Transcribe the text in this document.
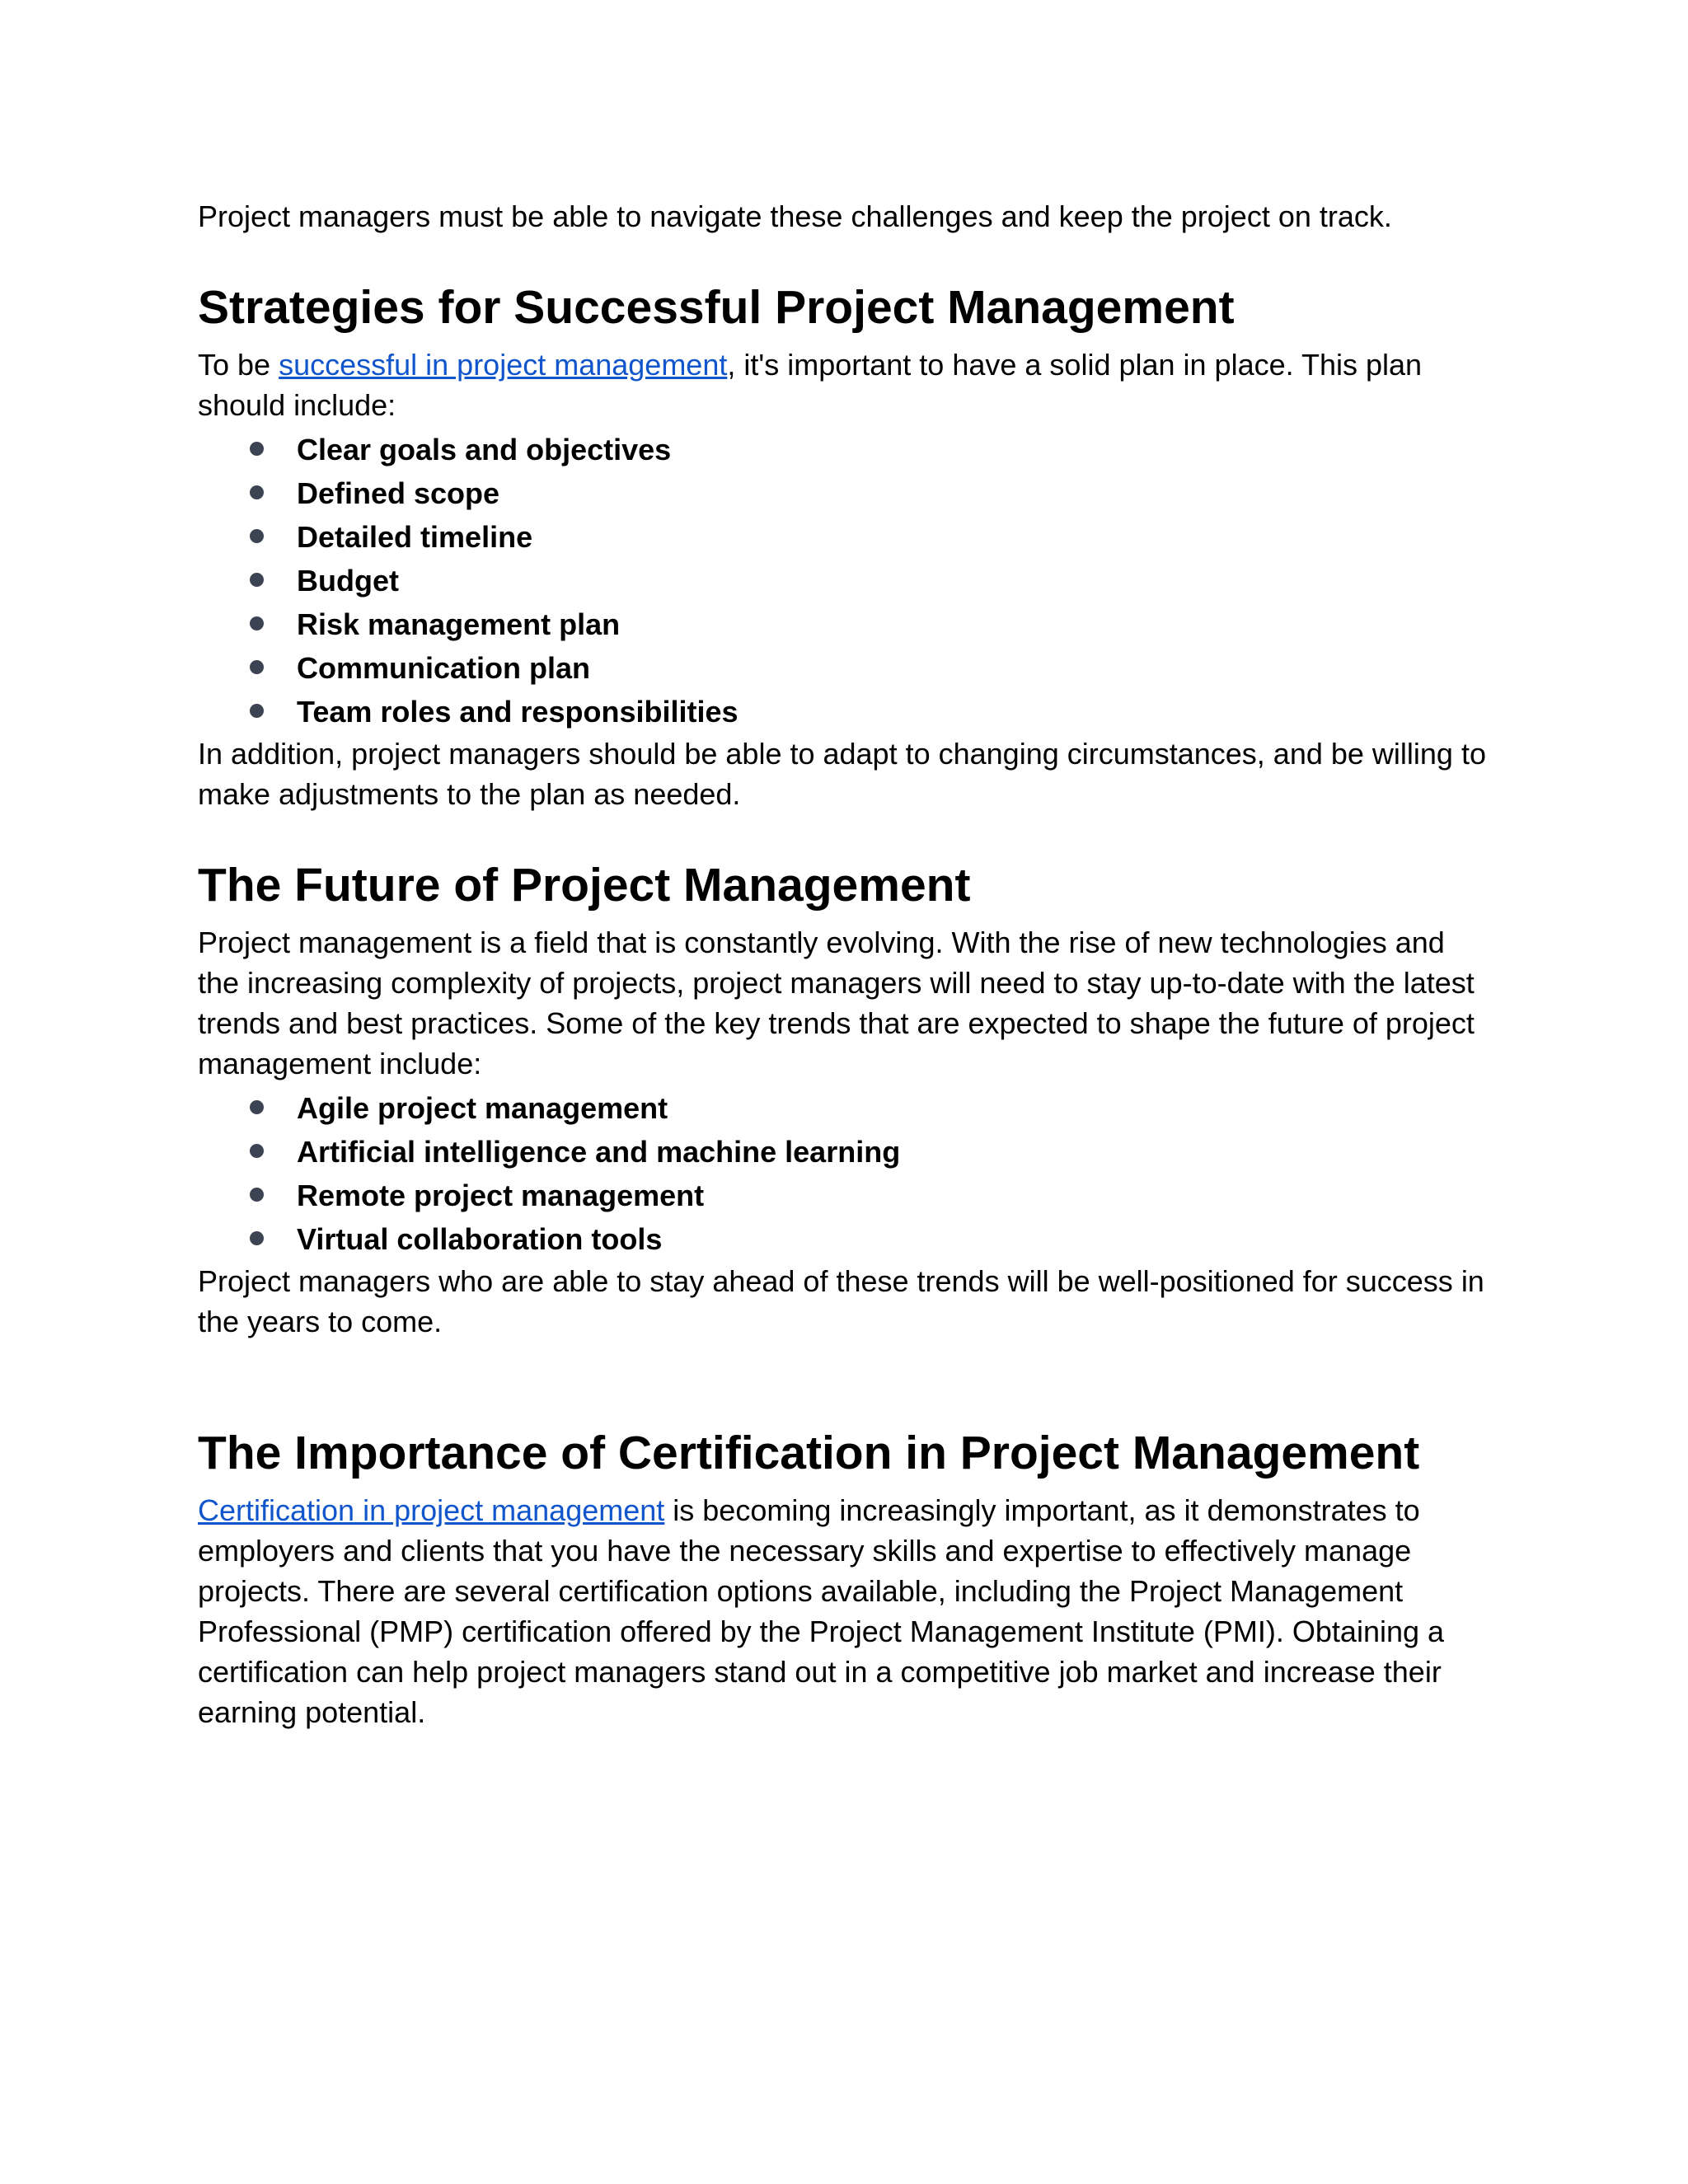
Project managers must be able to navigate these challenges and keep the project on track.

Strategies for Successful Project Management

To be successful in project management, it's important to have a solid plan in place. This plan should include:

Clear goals and objectives
Defined scope
Detailed timeline
Budget
Risk management plan
Communication plan
Team roles and responsibilities

In addition, project managers should be able to adapt to changing circumstances, and be willing to make adjustments to the plan as needed.

The Future of Project Management

Project management is a field that is constantly evolving. With the rise of new technologies and the increasing complexity of projects, project managers will need to stay up-to-date with the latest trends and best practices. Some of the key trends that are expected to shape the future of project management include:

Agile project management
Artificial intelligence and machine learning
Remote project management
Virtual collaboration tools

Project managers who are able to stay ahead of these trends will be well-positioned for success in the years to come.

The Importance of Certification in Project Management

Certification in project management is becoming increasingly important, as it demonstrates to employers and clients that you have the necessary skills and expertise to effectively manage projects. There are several certification options available, including the Project Management Professional (PMP) certification offered by the Project Management Institute (PMI). Obtaining a certification can help project managers stand out in a competitive job market and increase their earning potential.
